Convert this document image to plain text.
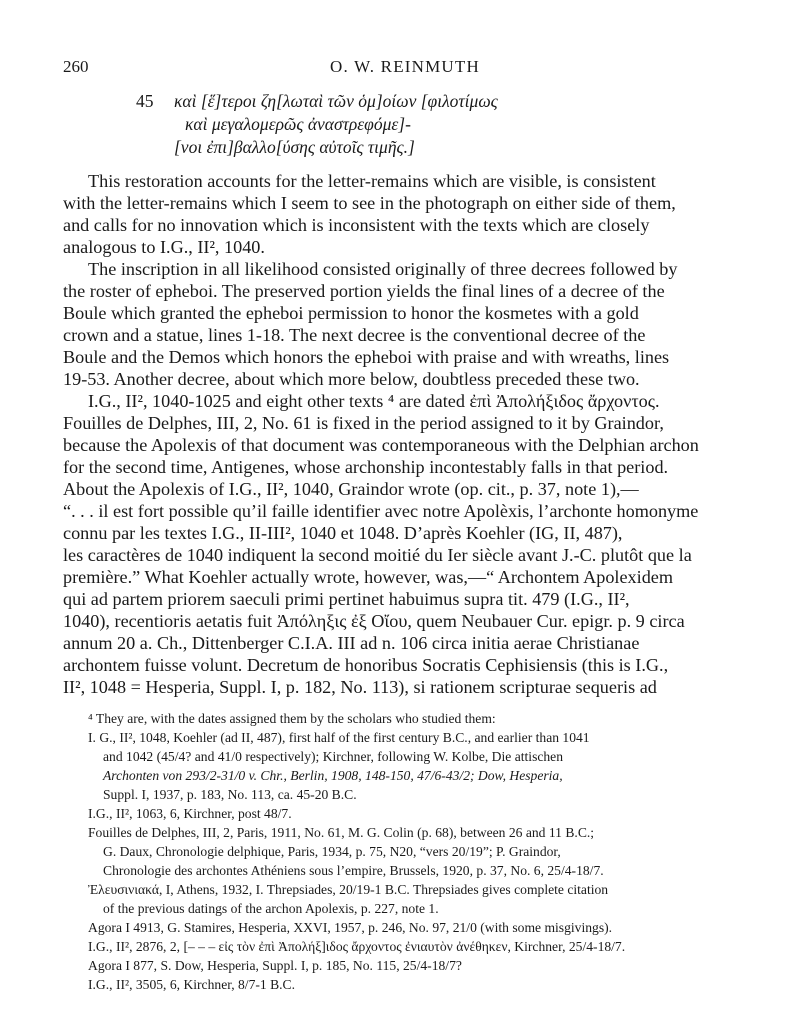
260	O. W. REINMUTH
45 καὶ [ἕ]τεροι ζη[λωταὶ τῶν ὁμ]οίων [φιλοτίμως
καὶ μεγαλομερῶς ἀναστρεφόμε]-
[νοι ἐπι]βαλλο[ύσης αὐτοῖς τιμῆς.]
This restoration accounts for the letter-remains which are visible, is consistent
with the letter-remains which I seem to see in the photograph on either side of them,
and calls for no innovation which is inconsistent with the texts which are closely
analogous to I.G., II², 1040.
The inscription in all likelihood consisted originally of three decrees followed by
the roster of epheboi. The preserved portion yields the final lines of a decree of the
Boule which granted the epheboi permission to honor the kosmetes with a gold
crown and a statue, lines 1-18. The next decree is the conventional decree of the
Boule and the Demos which honors the epheboi with praise and with wreaths, lines
19-53. Another decree, about which more below, doubtless preceded these two.
I.G., II², 1040-1025 and eight other texts ⁴ are dated ἐπὶ Ἀπολήξιδος ἄρχοντος.
Fouilles de Delphes, III, 2, No. 61 is fixed in the period assigned to it by Graindor,
because the Apolexis of that document was contemporaneous with the Delphian archon
for the second time, Antigenes, whose archonship incontestably falls in that period.
About the Apolexis of I.G., II², 1040, Graindor wrote (op. cit., p. 37, note 1),—
“. . . il est fort possible qu’il faille identifier avec notre Apolèxis, l’archonte homonyme
connu par les textes I.G., II-III², 1040 et 1048. D’après Koehler (IG, II, 487),
les caractères de 1040 indiquent la second moitié du Ier siècle avant J.-C. plutôt que la
première.” What Koehler actually wrote, however, was,—“ Archontem Apolexidem
qui ad partem priorem saeculi primi pertinet habuimus supra tit. 479 (I.G., II²,
1040), recentioris aetatis fuit Ἀπόληξις ἐξ Οἴου, quem Neubauer Cur. epigr. p. 9 circa
annum 20 a. Ch., Dittenberger C.I.A. III ad n. 106 circa initia aerae Christianae
archontem fuisse volunt. Decretum de honoribus Socratis Cephisiensis (this is I.G.,
II², 1048 = Hesperia, Suppl. I, p. 182, No. 113), si rationem scripturae sequeris ad
⁴ They are, with the dates assigned them by the scholars who studied them:
I. G., II², 1048, Koehler (ad II, 487), first half of the first century B.C., and earlier than 1041
and 1042 (45/4? and 41/0 respectively); Kirchner, following W. Kolbe, Die attischen
Archonten von 293/2-31/0 v. Chr., Berlin, 1908, 148-150, 47/6-43/2; Dow, Hesperia,
Suppl. I, 1937, p. 183, No. 113, ca. 45-20 B.C.
I.G., II², 1063, 6, Kirchner, post 48/7.
Fouilles de Delphes, III, 2, Paris, 1911, No. 61, M. G. Colin (p. 68), between 26 and 11 B.C.;
G. Daux, Chronologie delphique, Paris, 1934, p. 75, N20, “vers 20/19”; P. Graindor,
Chronologie des archontes Athéniens sous l’empire, Brussels, 1920, p. 37, No. 6, 25/4-18/7.
Ἐλευσινιακά, I, Athens, 1932, I. Threpsiades, 20/19-1 B.C. Threpsiades gives complete citation
of the previous datings of the archon Apolexis, p. 227, note 1.
Agora I 4913, G. Stamires, Hesperia, XXVI, 1957, p. 246, No. 97, 21/0 (with some misgivings).
I.G., II², 2876, 2, [– – – εἰς τὸν ἐπὶ Ἀπολήξ]ιδος ἄρχοντος ἐνιαυτὸν ἀνέθηκεν, Kirchner, 25/4-18/7.
Agora I 877, S. Dow, Hesperia, Suppl. I, p. 185, No. 115, 25/4-18/7?
I.G., II², 3505, 6, Kirchner, 8/7-1 B.C.
